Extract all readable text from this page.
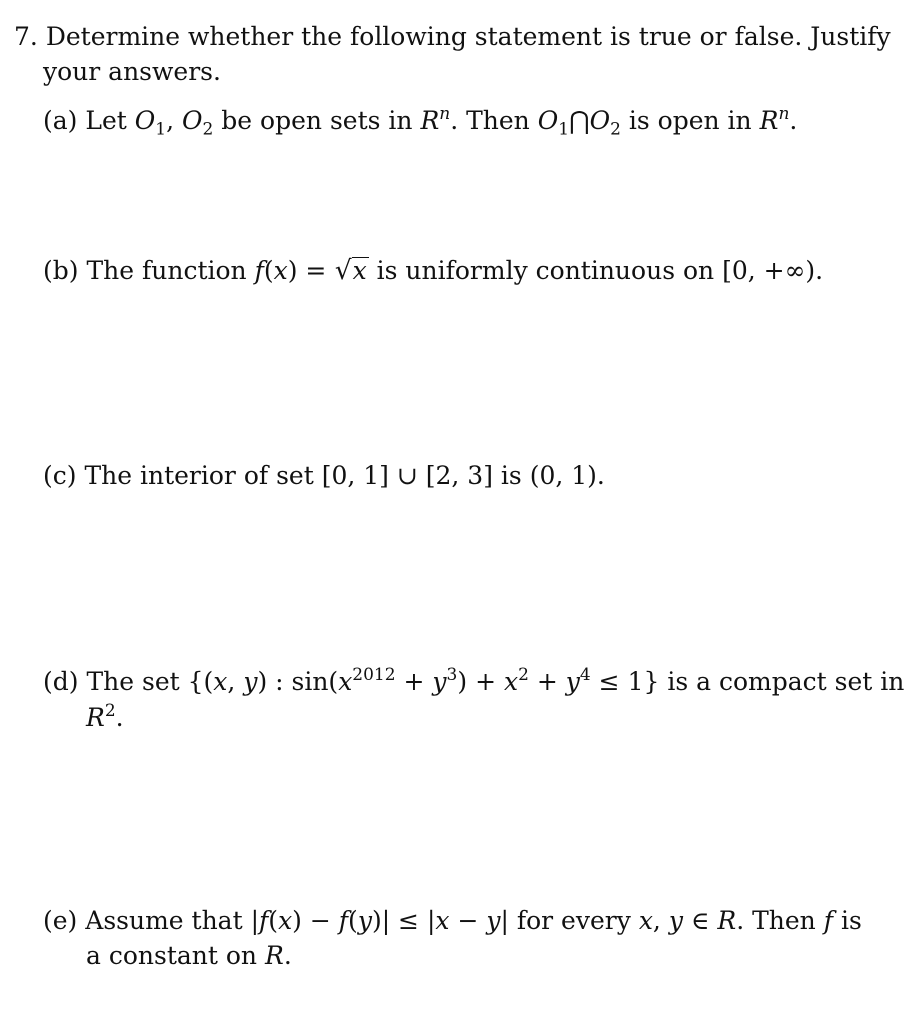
7. Determine whether the following statement is true or false. Justify
your answers.
(a) Let $O_1$, $O_2$ be open sets in $R^n$. Then $O_1⋂O_2$ is open in $R^n$.
(b) The function f(x) = √x is uniformly continuous on [0, +∞).
(c) The interior of set [0, 1] ∪ [2, 3] is (0, 1).
(d) The set {(x, y) : $\sin(x^{2012} + y^3) + x^2 + y^4 \le 1$} is a compact set in
$R^2$.
(e) Assume that |f(x) − f(y)| ≤ |x − y| for every x, y ∈ R. Then f is
a constant on R.
